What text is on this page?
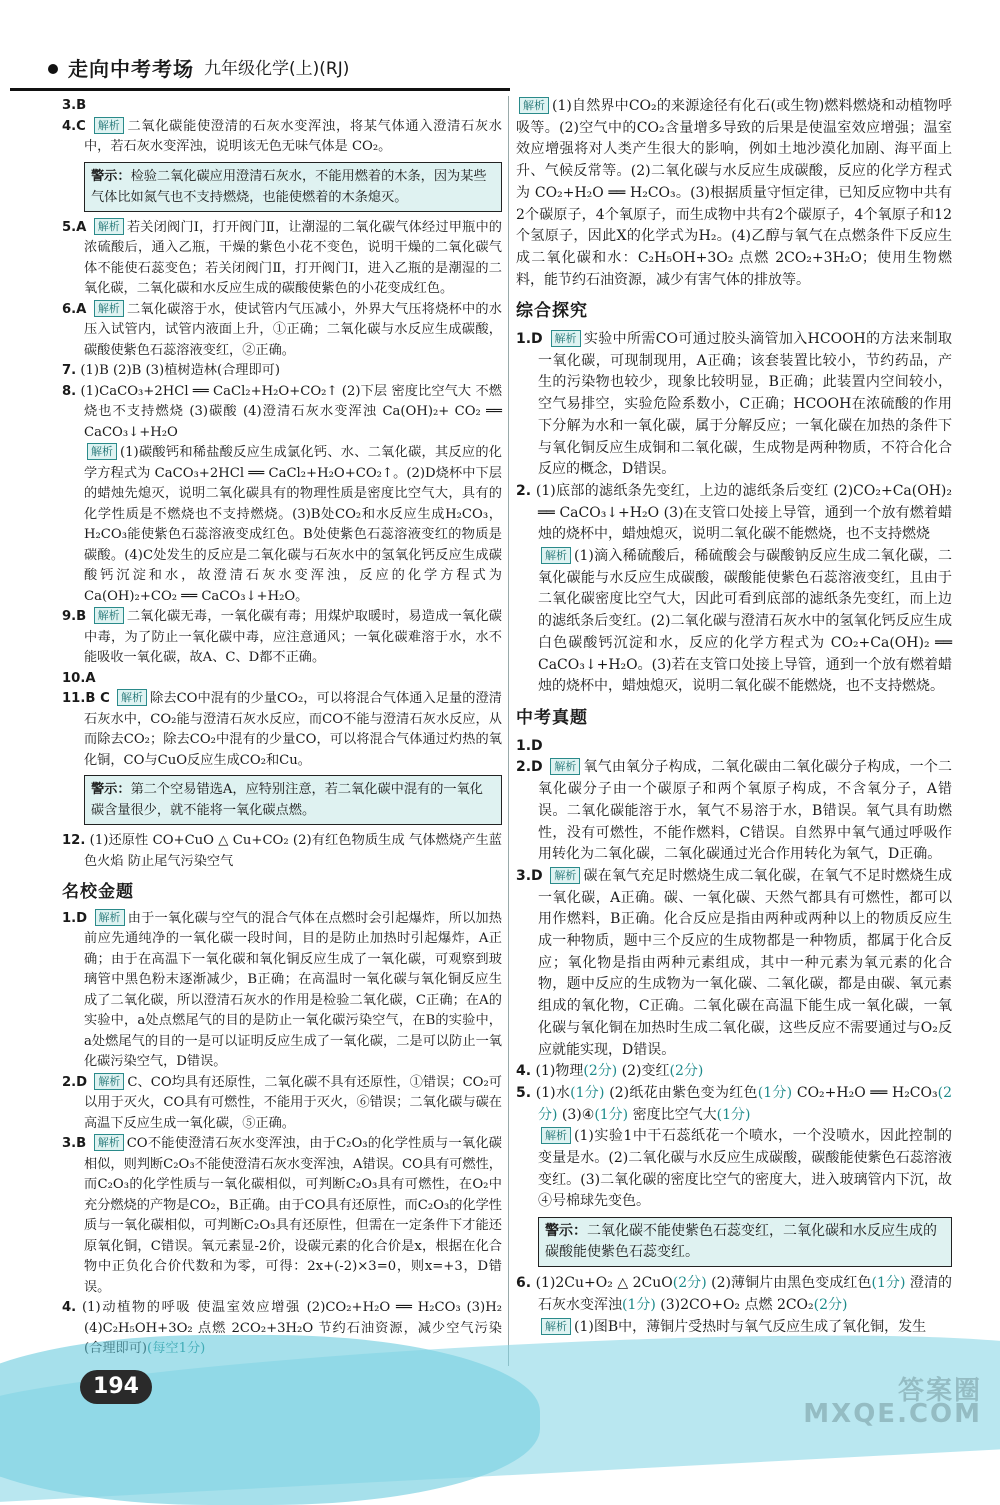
走向中考考场 九年级化学(上)(RJ)

3.B

4.C 解析 二氧化碳能使澄清的石灰水变浑浊，将某气体通入澄清石灰水中，若石灰水变浑浊，说明该无色无味气体是 CO₂。

警示：检验二氧化碳应用澄清石灰水，不能用燃着的木条，因为某些气体比如氮气也不支持燃烧，也能使燃着的木条熄灭。

5.A 解析 若关闭阀门Ⅰ，打开阀门Ⅱ，让潮湿的二氧化碳气体经过甲瓶中的浓硫酸后，通入乙瓶，干燥的紫色小花不变色，说明干燥的二氧化碳气体不能使石蕊变色；若关闭阀门Ⅱ，打开阀门Ⅰ，进入乙瓶的是潮湿的二氧化碳，二氧化碳和水反应生成的碳酸使紫色的小花变成红色。

6.A 解析 二氧化碳溶于水，使试管内气压减小，外界大气压将烧杯中的水压入试管内，试管内液面上升，①正确；二氧化碳与水反应生成碳酸，碳酸使紫色石蕊溶液变红，②正确。

7. (1)B (2)B (3)植树造林(合理即可)

8. (1)CaCO₃+2HCl ══ CaCl₂+H₂O+CO₂↑ (2)下层 密度比空气大 不燃烧也不支持燃烧 (3)碳酸 (4)澄清石灰水变浑浊 Ca(OH)₂+ CO₂ ══ CaCO₃↓+H₂O

解析 (1)碳酸钙和稀盐酸反应生成氯化钙、水、二氧化碳，其反应的化学方程式为 CaCO₃+2HCl ══ CaCl₂+H₂O+CO₂↑。(2)D烧杯中下层的蜡烛先熄灭，说明二氧化碳具有的物理性质是密度比空气大，具有的化学性质是不燃烧也不支持燃烧。(3)B处CO₂和水反应生成H₂CO₃，H₂CO₃能使紫色石蕊溶液变成红色。B处使紫色石蕊溶液变红的物质是碳酸。(4)C处发生的反应是二氧化碳与石灰水中的氢氧化钙反应生成碳酸钙沉淀和水，故澄清石灰水变浑浊，反应的化学方程式为 Ca(OH)₂+CO₂ ══ CaCO₃↓+H₂O。

9.B 解析 二氧化碳无毒，一氧化碳有毒；用煤炉取暖时，易造成一氧化碳中毒，为了防止一氧化碳中毒，应注意通风；一氧化碳难溶于水，水不能吸收一氧化碳，故A、C、D都不正确。

10.A

11.B C 解析 除去CO中混有的少量CO₂，可以将混合气体通入足量的澄清石灰水中，CO₂能与澄清石灰水反应，而CO不能与澄清石灰水反应，从而除去CO₂；除去CO₂中混有的少量CO，可以将混合气体通过灼热的氧化铜，CO与CuO反应生成CO₂和Cu。

警示：第二个空易错选A，应特别注意，若二氧化碳中混有的一氧化碳含量很少，就不能将一氧化碳点燃。

12. (1)还原性 CO+CuO △ Cu+CO₂ (2)有红色物质生成 气体燃烧产生蓝色火焰 防止尾气污染空气

名校金题

1.D 解析 由于一氧化碳与空气的混合气体在点燃时会引起爆炸，所以加热前应先通纯净的一氧化碳一段时间，目的是防止加热时引起爆炸，A正确；由于在高温下一氧化碳和氧化铜反应生成了一氧化碳，可观察到玻璃管中黑色粉末逐渐减少，B正确；在高温时一氧化碳与氧化铜反应生成了二氧化碳，所以澄清石灰水的作用是检验二氧化碳，C正确；在A的实验中，a处点燃尾气的目的是防止一氧化碳污染空气，在B的实验中，a处燃尾气的目的一是可以证明反应生成了一氧化碳，二是可以防止一氧化碳污染空气，D错误。

2.D 解析 C、CO均具有还原性，二氧化碳不具有还原性，①错误；CO₂可以用于灭火，CO具有可燃性，不能用于灭火，⑥错误；二氧化碳与碳在高温下反应生成一氧化碳，⑤正确。

3.B 解析 CO不能使澄清石灰水变浑浊，由于C₂O₃的化学性质与一氧化碳相似，则判断C₂O₃不能使澄清石灰水变浑浊，A错误。CO具有可燃性，而C₂O₃的化学性质与一氧化碳相似，可判断C₂O₃具有可燃性，在O₂中充分燃烧的产物是CO₂，B正确。由于CO具有还原性，而C₂O₃的化学性质与一氧化碳相似，可判断C₂O₃具有还原性，但需在一定条件下才能还原氧化铜，C错误。氧元素显-2价，设碳元素的化合价是x，根据在化合物中正负化合价代数和为零，可得：2x+(-2)×3=0，则x=+3，D错误。

4. (1)动植物的呼吸 使温室效应增强 (2)CO₂+H₂O ══ H₂CO₃ (3)H₂ (4)C₂H₅OH+3O₂ 点燃 2CO₂+3H₂O 节约石油资源，减少空气污染

解析 (1)自然界中CO₂的来源途径有化石(或生物)燃料燃烧和动植物呼吸等。(2)空气中的CO₂含量增多导致的后果是使温室效应增强；温室效应增强将对人类产生很大的影响，例如土地沙漠化加剧、海平面上升、气候反常等。(2)二氧化碳与水反应生成碳酸，反应的化学方程式为 CO₂+H₂O ══ H₂CO₃。(3)根据质量守恒定律，已知反应物中共有2个碳原子，4个氧原子，而生成物中共有2个碳原子，4个氧原子和12个氢原子，因此X的化学式为H₂。(4)乙醇与氧气在点燃条件下反应生成二氧化碳和水：C₂H₅OH+3O₂ 点燃 2CO₂+3H₂O；使用生物燃料，能节约石油资源，减少有害气体的排放等。

综合探究

1.D 解析 实验中所需CO可通过胶头滴管加入HCOOH的方法来制取一氧化碳，可现制现用，A正确；该套装置比较小，节约药品，产生的污染物也较少，现象比较明显，B正确；此装置内空间较小，空气易排空，实验危险系数小，C正确；HCOOH在浓硫酸的作用下分解为水和一氧化碳，属于分解反应；一氧化碳在加热的条件下与氧化铜反应生成铜和二氧化碳，生成物是两种物质，不符合化合反应的概念，D错误。

2. (1)底部的滤纸条先变红，上边的滤纸条后变红 (2)CO₂+Ca(OH)₂ ══ CaCO₃↓+H₂O (3)在支管口处接上导管，通到一个放有燃着蜡烛的烧杯中，蜡烛熄灭，说明二氧化碳不能燃烧，也不支持燃烧

解析 (1)滴入稀硫酸后，稀硫酸会与碳酸钠反应生成二氧化碳，二氧化碳能与水反应生成碳酸，碳酸能使紫色石蕊溶液变红，且由于二氧化碳密度比空气大，因此可看到底部的滤纸条先变红，而上边的滤纸条后变红。(2)二氧化碳与澄清石灰水中的氢氧化钙反应生成白色碳酸钙沉淀和水，反应的化学方程式为 CO₂+Ca(OH)₂ ══ CaCO₃↓+H₂O。(3)若在支管口处接上导管，通到一个放有燃着蜡烛的烧杯中，蜡烛熄灭，说明二氧化碳不能燃烧，也不支持燃烧。

中考真题

1.D

2.D 解析 氧气由氧分子构成，二氧化碳由二氧化碳分子构成，一个二氧化碳分子由一个碳原子和两个氧原子构成，不含氧分子，A错误。二氧化碳能溶于水，氧气不易溶于水，B错误。氧气具有助燃性，没有可燃性，不能作燃料，C错误。自然界中氧气通过呼吸作用转化为二氧化碳，二氧化碳通过光合作用转化为氧气，D正确。

3.D 解析 碳在氧气充足时燃烧生成二氧化碳，在氧气不足时燃烧生成一氧化碳，A正确。碳、一氧化碳、天然气都具有可燃性，都可以用作燃料，B正确。化合反应是指由两种或两种以上的物质反应生成一种物质，题中三个反应的生成物都是一种物质，都属于化合反应；氧化物是指由两种元素组成，其中一种元素为氧元素的化合物，题中反应的生成物为一氧化碳、二氧化碳，都是由碳、氧元素组成的氧化物，C正确。二氧化碳在高温下能生成一氧化碳，一氧化碳与氧化铜在加热时生成二氧化碳，这些反应不需要通过与O₂反应就能实现，D错误。

4. (1)物理(2分) (2)变红(2分)

5. (1)水(1分) (2)纸花由紫色变为红色(1分) CO₂+H₂O ══ H₂CO₃(2分) (3)④(1分) 密度比空气大(1分)

解析 (1)实验1中干石蕊纸花一个喷水，一个没喷水，因此控制的变量是水。(2)二氧化碳与水反应生成碳酸，碳酸能使紫色石蕊溶液变红。(3)二氧化碳的密度比空气的密度大，进入玻璃管内下沉，故④号棉球先变色。

警示：二氧化碳不能使紫色石蕊变红，二氧化碳和水反应生成的碳酸能使紫色石蕊变红。

6. (1)2Cu+O₂ △ 2CuO(2分) (2)薄铜片由黑色变成红色(1分) 澄清的石灰水变浑浊(1分) (3)2CO+O₂ 点燃 2CO₂(2分)

解析 (1)图B中，薄铜片受热时与氧气反应生成了氧化铜，发生

194	答案圈 MXQE.COM
